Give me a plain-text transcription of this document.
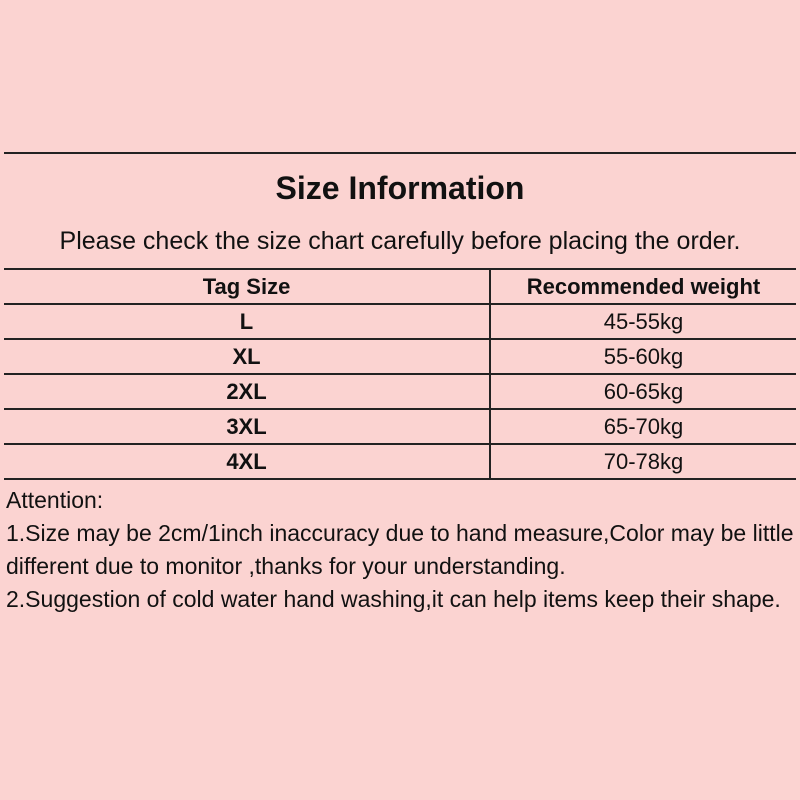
Size Information
Please check the size chart carefully before placing the order.
Tag Size	Recommended weight
L	45-55kg
XL	55-60kg
2XL	60-65kg
3XL	65-70kg
4XL	70-78kg

Attention:

1.Size may be 2cm/1inch inaccuracy due to hand measure,Color may be little different due to monitor ,thanks for your understanding.

2.Suggestion of cold water hand washing,it can help items keep their shape.
